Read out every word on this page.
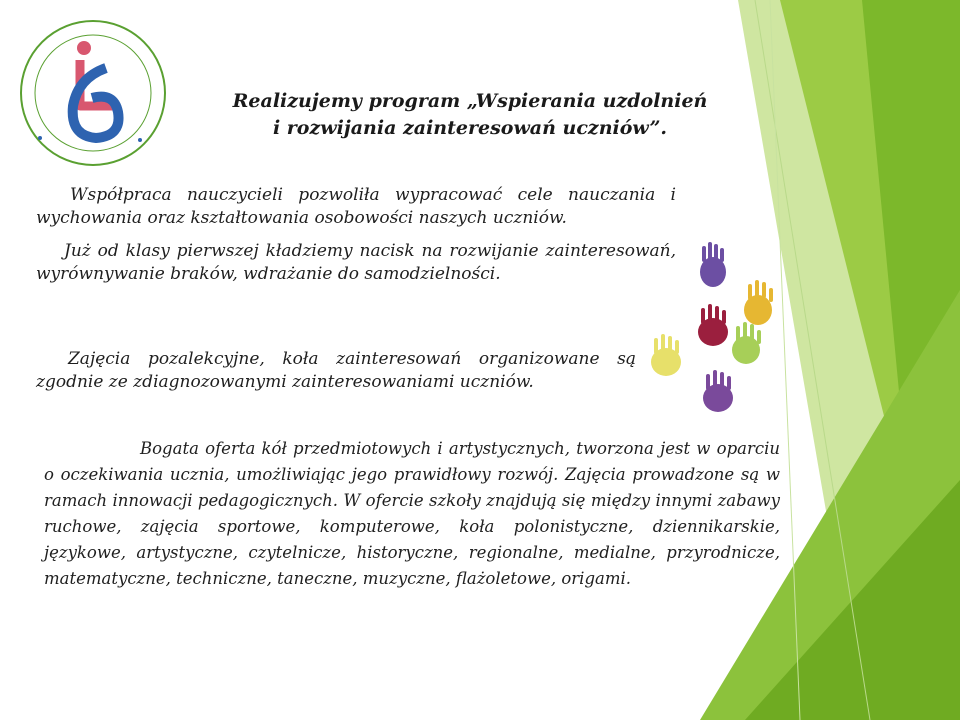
Realizujemy program „Wspierania uzdolnień
i rozwijania zainteresowań uczniów”.
Współpraca nauczycieli pozwoliła wypracować cele nauczania i wychowania oraz kształtowania osobowości naszych uczniów.
Już od klasy pierwszej kładziemy nacisk na rozwijanie zainteresowań, wyrównywanie braków, wdrażanie do samodzielności.
Zajęcia pozalekcyjne, koła zainteresowań organizowane są zgodnie ze zdiagnozowanymi zainteresowaniami uczniów.
Bogata oferta kół przedmiotowych i artystycznych, tworzona jest w oparciu o oczekiwania ucznia, umożliwiając jego prawidłowy rozwój. Zajęcia prowadzone są w ramach innowacji pedagogicznych. W ofercie szkoły znajdują się między innymi zabawy ruchowe, zajęcia sportowe, komputerowe, koła polonistyczne, dziennikarskie, językowe, artystyczne, czytelnicze, historyczne, regionalne, medialne, przyrodnicze, matematyczne, techniczne, taneczne, muzyczne, flażoletowe, origami.
